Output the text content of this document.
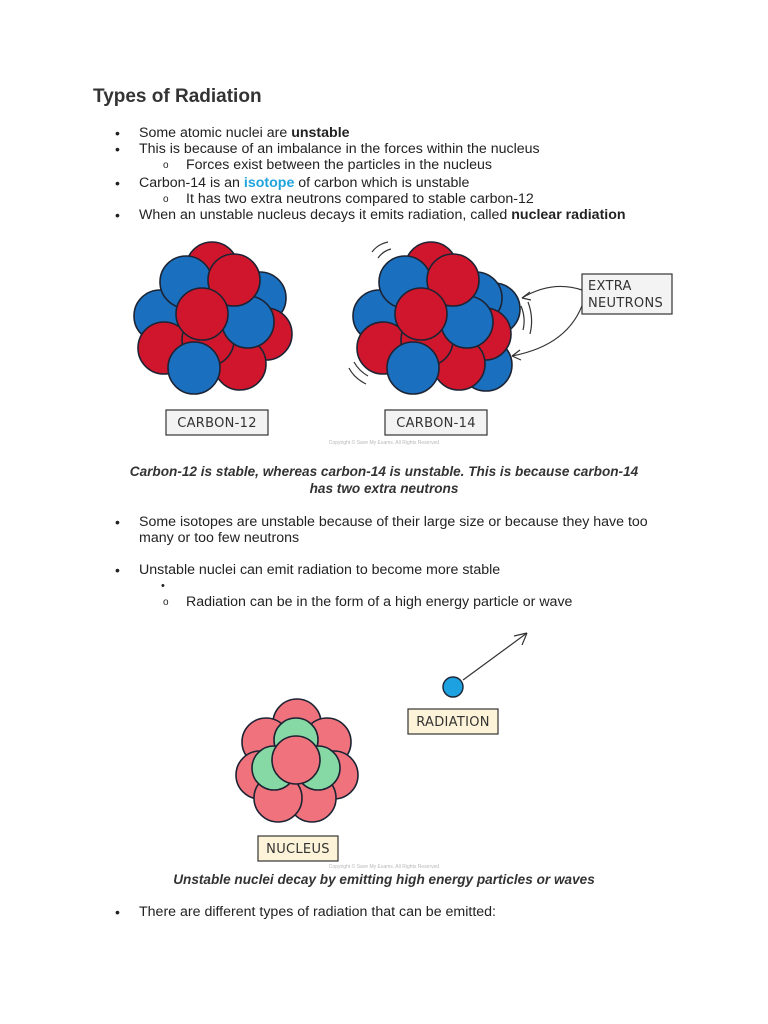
Types of Radiation
• Some atomic nuclei are unstable
• This is because of an imbalance in the forces within the nucleus
o Forces exist between the particles in the nucleus
• Carbon-14 is an isotope of carbon which is unstable
o It has two extra neutrons compared to stable carbon-12
• When an unstable nucleus decays it emits radiation, called nuclear radiation
CARBON-12	CARBON-14
EXTRA
NEUTRONS
Copyright © Save My Exams. All Rights Reserved
Carbon-12 is stable, whereas carbon-14 is unstable. This is because carbon-14
has two extra neutrons
• Some isotopes are unstable because of their large size or because they have too
many or too few neutrons
• Unstable nuclei can emit radiation to become more stable
•
o Radiation can be in the form of a high energy particle or wave
RADIATION
NUCLEUS
Copyright © Save My Exams. All Rights Reserved
Unstable nuclei decay by emitting high energy particles or waves
• There are different types of radiation that can be emitted:
